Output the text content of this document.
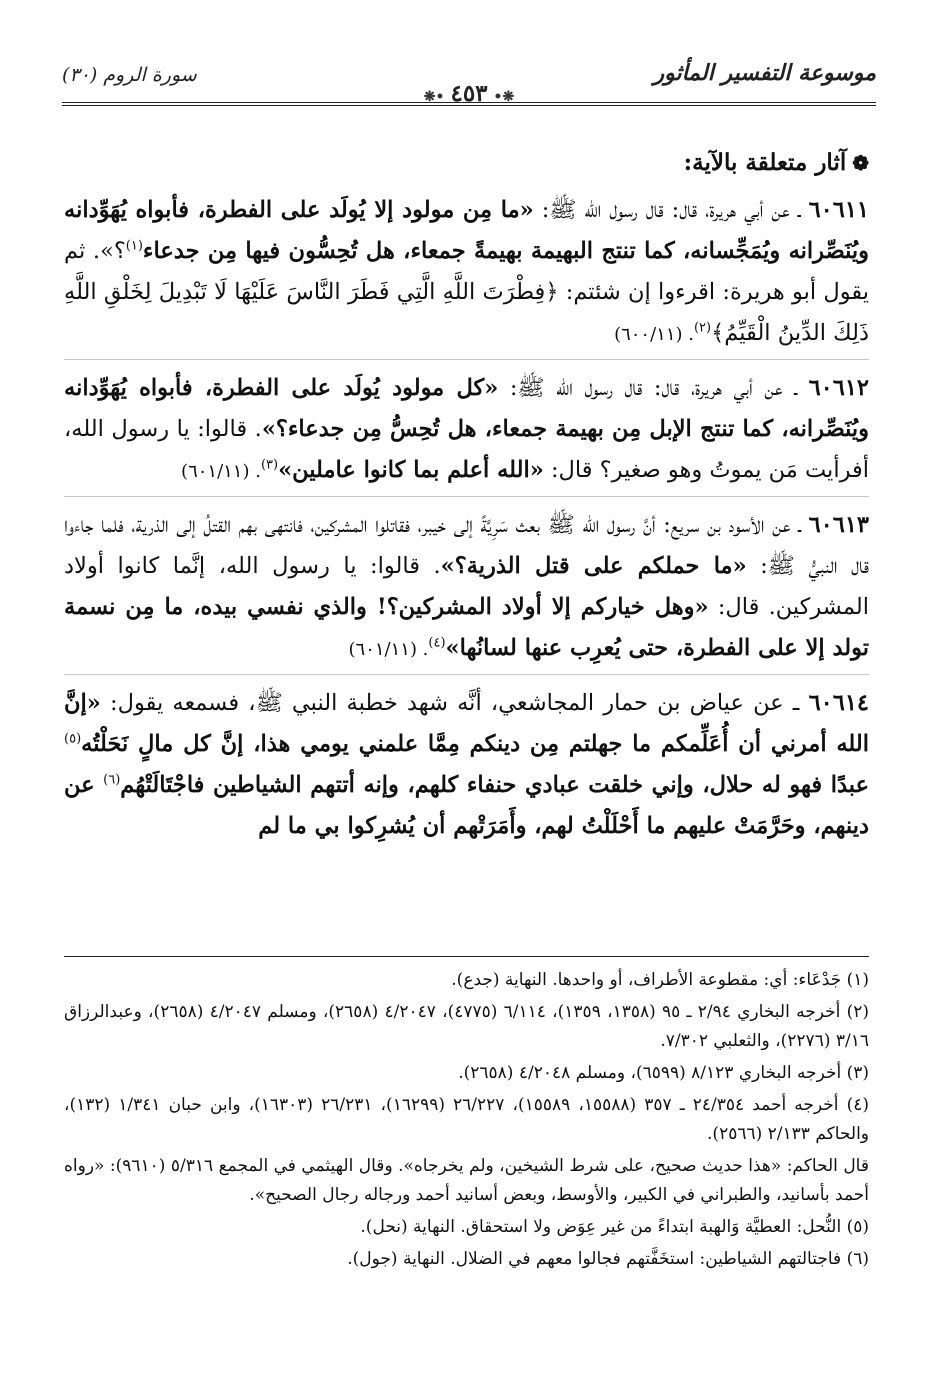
موسوعة التفسير المأثور
❋•٤٥٣•❋
سورة الروم (٣٠)
❁آثار متعلقة بالآية:

٦٠٦١١ ـ عن أبي هريرة، قال: قال رسول الله ﷺ: «ما مِن مولود إلا يُولَد على الفطرة، فأبواه يُهَوِّدانه ويُنَصِّرانه ويُمَجِّسانه، كما تنتج البهيمة بهيمةً جمعاء، هل تُحِسُّون فيها مِن جدعاء$^{(١)}$؟». ثم يقول أبو هريرة: اقرءوا إن شئتم: ﴿فِطْرَتَ اللَّهِ الَّتِي فَطَرَ النَّاسَ عَلَيْهَا لَا تَبْدِيلَ لِخَلْقِ اللَّهِ ذَلِكَ الدِّينُ الْقَيِّمُ﴾$^{(٢)}$. (٦٠٠/١١)

٦٠٦١٢ ـ عن أبي هريرة، قال: قال رسول الله ﷺ: «كل مولود يُولَد على الفطرة، فأبواه يُهَوِّدانه ويُنَصِّرانه، كما تنتج الإبل مِن بهيمة جمعاء، هل تُحِسُّ مِن جدعاء؟». قالوا: يا رسول الله، أفرأيت مَن يموتُ وهو صغير؟ قال: «الله أعلم بما كانوا عاملين»$^{(٣)}$. (٦٠١/١١)

٦٠٦١٣ ـ عن الأسود بن سريع: أنَّ رسول الله ﷺ بعث سَرِيَّةً إلى خيبر، فقاتلوا المشركين، فانتهى بهم القتلُ إلى الذرية، فلما جاءوا قال النبيُّ ﷺ: «ما حملكم على قتل الذرية؟». قالوا: يا رسول الله، إنَّما كانوا أولاد المشركين. قال: «وهل خياركم إلا أولاد المشركين؟! والذي نفسي بيده، ما مِن نسمة تولد إلا على الفطرة، حتى يُعرِب عنها لسانُها»$^{(٤)}$. (٦٠١/١١)

٦٠٦١٤ ـ عن عياض بن حمار المجاشعي، أنَّه شهد خطبة النبي ﷺ، فسمعه يقول: «إنَّ الله أمرني أن أُعَلِّمكم ما جهلتم مِن دينكم مِمَّا علمني يومي هذا، إنَّ كل مالٍ نَحَلْتُه$^{(٥)}$ عبدًا فهو له حلال، وإني خلقت عبادي حنفاء كلهم، وإنه أتتهم الشياطين فاجْتَالَتْهُم$^{(٦)}$ عن دينهم، وحَرَّمَتْ عليهم ما أَحْلَلْتُ لهم، وأَمَرَتْهم أن يُشرِكوا بي ما لم

(١) جَدْعَاء: أي: مقطوعة الأطراف، أو واحدها. النهاية (جدع).

(٢) أخرجه البخاري ٢/٩٤ ـ ٩٥ (١٣٥٨، ١٣٥٩)، ٦/١١٤ (٤٧٧٥)، ٤/٢٠٤٧ (٢٦٥٨)، ومسلم ٤/٢٠٤٧ (٢٦٥٨)، وعبدالرزاق ٣/١٦ (٢٢٧٦)، والثعلبي ٧/٣٠٢.

(٣) أخرجه البخاري ٨/١٢٣ (٦٥٩٩)، ومسلم ٤/٢٠٤٨ (٢٦٥٨).

(٤) أخرجه أحمد ٢٤/٣٥٤ ـ ٣٥٧ (١٥٥٨٨، ١٥٥٨٩)، ٢٦/٢٢٧ (١٦٢٩٩)، ٢٦/٢٣١ (١٦٣٠٣)، وابن حبان ١/٣٤١ (١٣٢)، والحاكم ٢/١٣٣ (٢٥٦٦).

قال الحاكم: «هذا حديث صحيح، على شرط الشيخين، ولم يخرجاه». وقال الهيثمي في المجمع ٥/٣١٦ (٩٦١٠): «رواه أحمد بأسانيد، والطبراني في الكبير، والأوسط، وبعض أسانيد أحمد ورجاله رجال الصحيح».

(٥) النُّحل: العطيَّة وَالهبة ابتداءً من غير عِوَض ولا استحقاق. النهاية (نحل).

(٦) فاجتالتهم الشياطين: استخَفَّتهم فجالوا معهم في الضلال. النهاية (جول).
